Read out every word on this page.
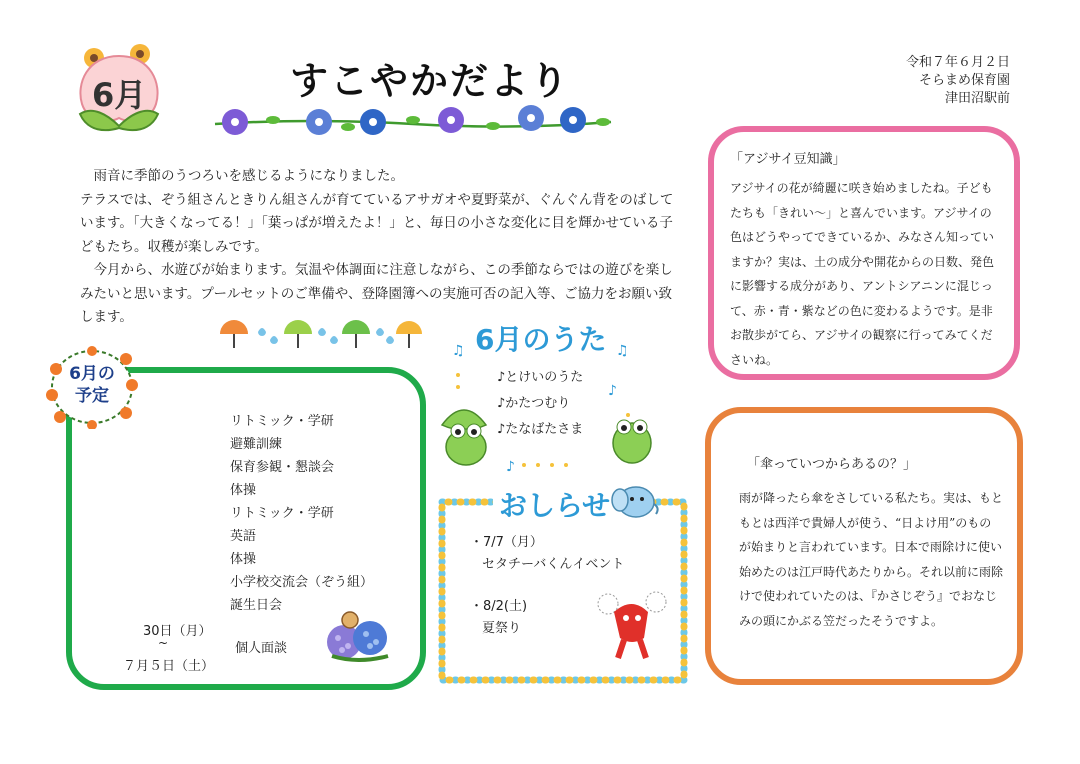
6月	すこやかだより	令和７年６月２日
そらまめ保育園
津田沼駅前

雨音に季節のうつろいを感じるようになりました。

テラスでは、ぞう組さんときりん組さんが育てているアサガオや夏野菜が、ぐんぐん背をのばしています。「大きくなってる！」「葉っぱが増えたよ！」と、毎日の小さな変化に目を輝かせている子どもたち。収穫が楽しみです。

今月から、水遊びが始まります。気温や体調面に注意しながら、この季節ならではの遊びを楽しみたいと思います。プールセットのご準備や、登降園簿への実施可否の記入等、ご協力をお願い致します。

6月の予定
リトミック・学研
避難訓練
保育参観・懇談会
体操
リトミック・学研
英語
体操
小学校交流会（ぞう組）
誕生日会
30日（月）
~	個人面談
７月５日（土）
6月のうた
♫	♫
♪
♪
♪とけいのうた
♪かたつむり
♪たなばたさま
おしらせ

・7/7（月）

セタチーバくんイベント

・8/2(土)

夏祭り

「アジサイ豆知識」
アジサイの花が綺麗に咲き始めましたね。子どもたちも「きれい～」と喜んでいます。アジサイの色はどうやってできているか、みなさん知っていますか？実は、土の成分や開花からの日数、発色に影響する成分があり、アントシアニンに混じって、赤・青・紫などの色に変わるようです。是非お散歩がてら、アジサイの観察に行ってみてくださいね。
「傘っていつからあるの？」
雨が降ったら傘をさしている私たち。実は、もともとは西洋で貴婦人が使う、“日よけ用”のものが始まりと言われています。日本で雨除けに使い始めたのは江戸時代あたりから。それ以前に雨除けで使われていたのは、『かさじぞう』でおなじみの頭にかぶる笠だったそうですよ。
